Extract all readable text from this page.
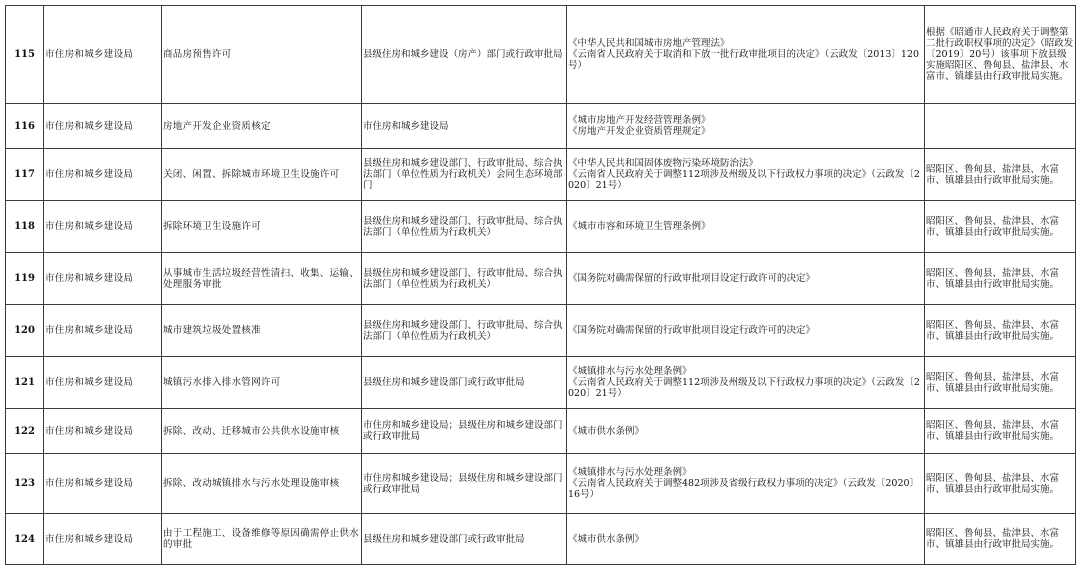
115	市住房和城乡建设局	商品房预售许可	县级住房和城乡建设（房产）部门或行政审批局	《中华人民共和国城市房地产管理法》
《云南省人民政府关于取消和下放一批行政审批项目的决定》（云政发〔2013〕120号）	根据《昭通市人民政府关于调整第二批行政职权事项的决定》（昭政发〔2019〕20号）该事项下放县级实施昭阳区、鲁甸县、盐津县、水富市、镇雄县由行政审批局实施。
116	市住房和城乡建设局	房地产开发企业资质核定	市住房和城乡建设局	《城市房地产开发经营管理条例》
《房地产开发企业资质管理规定》	

117	市住房和城乡建设局	关闭、闲置、拆除城市环境卫生设施许可	县级住房和城乡建设部门、行政审批局、综合执法部门（单位性质为行政机关）会同生态环境部门	《中华人民共和国固体废物污染环境防治法》
《云南省人民政府关于调整112项涉及州级及以下行政权力事项的决定》（云政发〔2020〕21号）	昭阳区、鲁甸县、盐津县、水富市、镇雄县由行政审批局实施。
118	市住房和城乡建设局	拆除环境卫生设施许可	县级住房和城乡建设部门、行政审批局、综合执法部门（单位性质为行政机关）	《城市市容和环境卫生管理条例》	昭阳区、鲁甸县、盐津县、水富市、镇雄县由行政审批局实施。
119	市住房和城乡建设局	从事城市生活垃圾经营性清扫、收集、运输、处理服务审批	县级住房和城乡建设部门、行政审批局、综合执法部门（单位性质为行政机关）	《国务院对确需保留的行政审批项目设定行政许可的决定》	昭阳区、鲁甸县、盐津县、水富市、镇雄县由行政审批局实施。
120	市住房和城乡建设局	城市建筑垃圾处置核准	县级住房和城乡建设部门、行政审批局、综合执法部门（单位性质为行政机关）	《国务院对确需保留的行政审批项目设定行政许可的决定》	昭阳区、鲁甸县、盐津县、水富市、镇雄县由行政审批局实施。
121	市住房和城乡建设局	城镇污水排入排水管网许可	县级住房和城乡建设部门或行政审批局	《城镇排水与污水处理条例》
《云南省人民政府关于调整112项涉及州级及以下行政权力事项的决定》（云政发〔2020〕21号）	昭阳区、鲁甸县、盐津县、水富市、镇雄县由行政审批局实施。
122	市住房和城乡建设局	拆除、改动、迁移城市公共供水设施审核	市住房和城乡建设局；县级住房和城乡建设部门或行政审批局	《城市供水条例》	昭阳区、鲁甸县、盐津县、水富市、镇雄县由行政审批局实施。
123	市住房和城乡建设局	拆除、改动城镇排水与污水处理设施审核	市住房和城乡建设局；县级住房和城乡建设部门或行政审批局	《城镇排水与污水处理条例》
《云南省人民政府关于调整482项涉及省级行政权力事项的决定》（云政发〔2020〕16号）	昭阳区、鲁甸县、盐津县、水富市、镇雄县由行政审批局实施。
124	市住房和城乡建设局	由于工程施工、设备维修等原因确需停止供水的审批	县级住房和城乡建设部门或行政审批局	《城市供水条例》	昭阳区、鲁甸县、盐津县、水富市、镇雄县由行政审批局实施。
